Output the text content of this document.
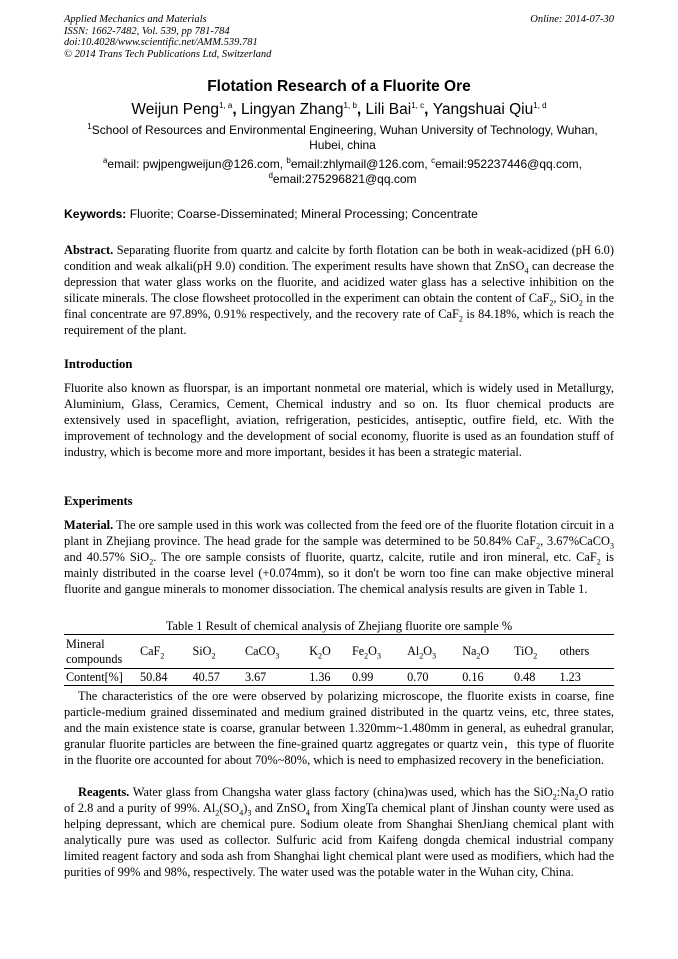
Applied Mechanics and Materials
ISSN: 1662-7482, Vol. 539, pp 781-784
doi:10.4028/www.scientific.net/AMM.539.781
© 2014 Trans Tech Publications Ltd, Switzerland
Online: 2014-07-30
Flotation Research of a Fluorite Ore
Weijun Peng$^{1, a}$, Lingyan Zhang$^{1, b}$, Lili Bai$^{1, c}$, Yangshuai Qiu$^{1, d}$
$^1$School of Resources and Environmental Engineering, Wuhan University of Technology, Wuhan, Hubei, china
$^a$email: pwjpengweijun@126.com, $^b$email:zhlymail@126.com, $^c$email:952237446@qq.com,
$^d$email:275296821@qq.com
Keywords: Fluorite; Coarse-Disseminated; Mineral Processing; Concentrate

Abstract. Separating fluorite from quartz and calcite by forth flotation can be both in weak-acidized (pH 6.0) condition and weak alkali(pH 9.0) condition. The experiment results have shown that ZnSO$_4$ can decrease the depression that water glass works on the fluorite, and acidized water glass has a selective inhibition on the silicate minerals. The close flowsheet protocolled in the experiment can obtain the content of CaF$_2$, SiO$_2$ in the final concentrate are 97.89%, 0.91% respectively, and the recovery rate of CaF$_2$ is 84.18%, which is reach the requirement of the plant.

Introduction
Fluorite also known as fluorspar, is an important nonmetal ore material, which is widely used in Metallurgy, Aluminium, Glass, Ceramics, Cement, Chemical industry and so on. Its fluor chemical products are extensively used in spaceflight, aviation, refrigeration, pesticides, antiseptic, outfire field, etc. With the improvement of technology and the development of social economy, fluorite is used as an foundation stuff of industry, which is become more and more important, besides it has been a strategic material.
Experiments

Material. The ore sample used in this work was collected from the feed ore of the fluorite flotation circuit in a plant in Zhejiang province. The head grade for the sample was determined to be 50.84% CaF$_2$, 3.67%CaCO$_3$ and 40.57% SiO$_2$. The ore sample consists of fluorite, quartz, calcite, rutile and iron mineral, etc. CaF$_2$ is mainly distributed in the coarse level (+0.074mm), so it don't be worn too fine can make objective mineral fluorite and gangue minerals to monomer dissociation. The chemical analysis results are given in Table 1.

Table 1 Result of chemical analysis of Zhejiang fluorite ore sample %
Mineral compounds	CaF$_2$	SiO$_2$	CaCO$_3$	$K_2O$	$Fe_2O_3$	$Al_2O_3$	$Na_2O$	TiO$_2$	others
Content[%]	50.84	40.57	3.67	1.36	0.99	0.70	0.16	0.48	1.23
The characteristics of the ore were observed by polarizing microscope, the fluorite exists in coarse, fine particle-medium grained disseminated and medium grained distributed in the quartz veins, etc, three states, and the main existence state is coarse, granular between 1.320mm~1.480mm in general, as euhedral granular, granular fluorite particles are between the fine-grained quartz aggregates or quartz vein，this type of fluorite in the fluorite ore accounted for about 70%~80%, which is need to emphasized recovery in the beneficiation.

Reagents. Water glass from Changsha water glass factory (china)was used, which has the $SiO_2:Na_2O$ ratio of 2.8 and a purity of 99%. $Al_2(SO_4)_3$ and ZnSO$_4$ from XingTa chemical plant of Jinshan county were used as helping depressant, which are chemical pure. Sodium oleate from Shanghai ShenJiang chemical plant with analytically pure was used as collector. Sulfuric acid from Kaifeng dongda chemical industrial company limited reagent factory and soda ash from Shanghai light chemical plant were used as modifiers, which had the purities of 99% and 98%, respectively. The water used was the potable water in the Wuhan city, China.
